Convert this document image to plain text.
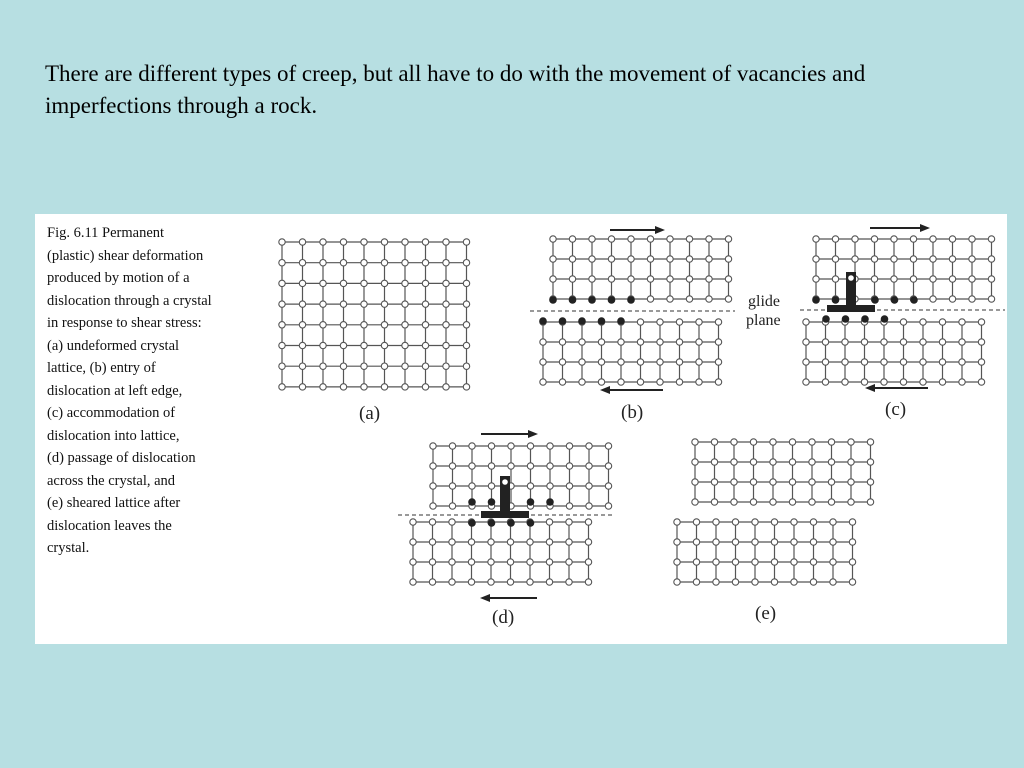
There are different types of creep, but all have to do with the movement of vacancies and imperfections through a rock.
(a)	(b)	(c)
(d)	(e)
glide
plane
Fig. 6.11 Permanent
(plastic) shear deformation
produced by motion of a
dislocation through a crystal
in response to shear stress:
(a) undeformed crystal
lattice, (b) entry of
dislocation at left edge,
(c) accommodation of
dislocation into lattice,
(d) passage of dislocation
across the crystal, and
(e) sheared lattice after
dislocation leaves the
crystal.
